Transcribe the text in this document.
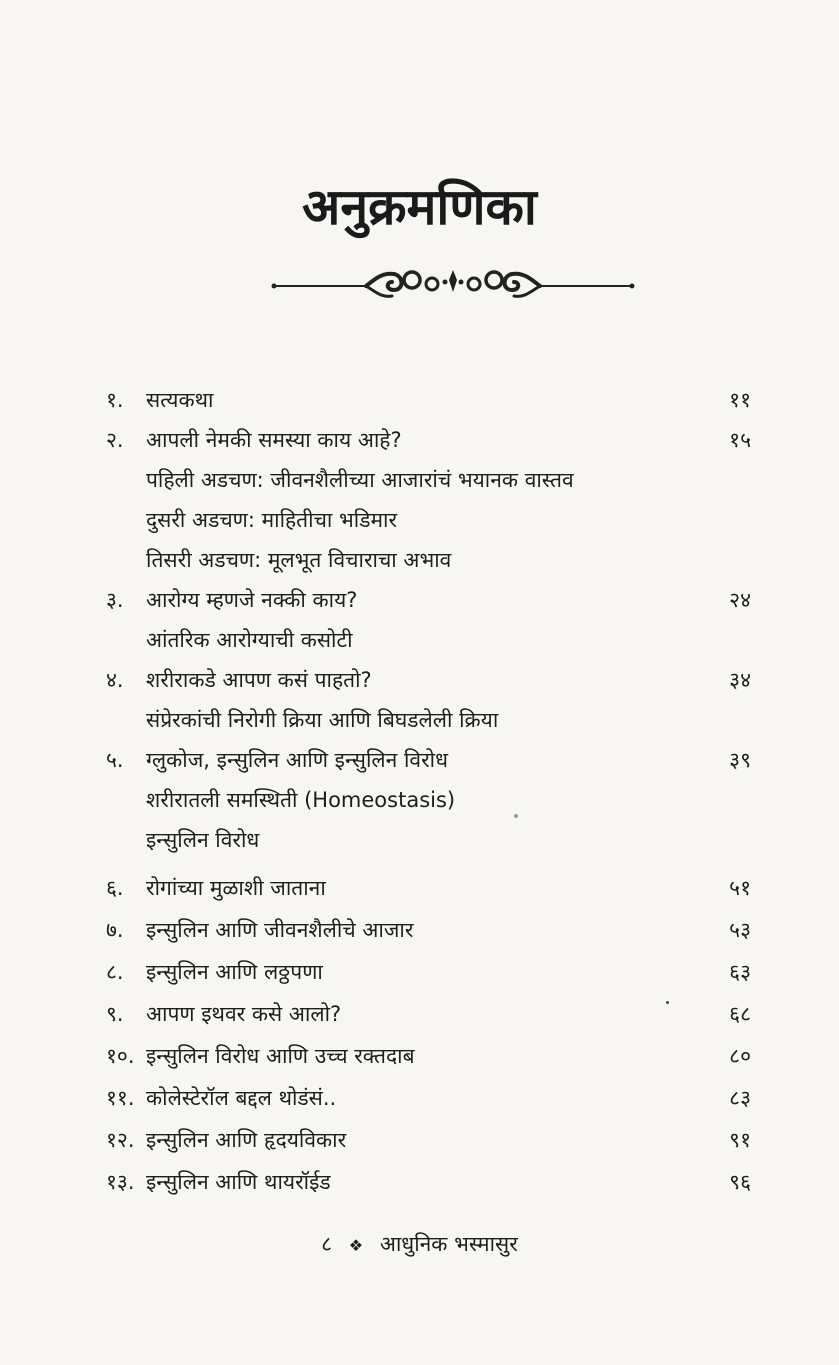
अनुक्रमणिका
१. सत्यकथा	११
२. आपली नेमकी समस्या काय आहे?	१५
पहिली अडचण: जीवनशैलीच्या आजारांचं भयानक वास्तव
दुसरी अडचण: माहितीचा भडिमार
तिसरी अडचण: मूलभूत विचाराचा अभाव
३. आरोग्य म्हणजे नक्की काय?	२४
आंतरिक आरोग्याची कसोटी
४. शरीराकडे आपण कसं पाहतो?	३४
संप्रेरकांची निरोगी क्रिया आणि बिघडलेली क्रिया
५. ग्लुकोज, इन्सुलिन आणि इन्सुलिन विरोध	३९
शरीरातली समस्थिती (Homeostasis)
इन्सुलिन विरोध
६. रोगांच्या मुळाशी जाताना	५१
७. इन्सुलिन आणि जीवनशैलीचे आजार	५३
८. इन्सुलिन आणि लठ्ठपणा	६३
९. आपण इथवर कसे आलो?	६८
१०. इन्सुलिन विरोध आणि उच्च रक्तदाब	८०
११. कोलेस्टेरॉल बद्दल थोडंसं..	८३
१२. इन्सुलिन आणि हृदयविकार	९१
१३. इन्सुलिन आणि थायरॉईड	९६
८ ❖ आधुनिक भस्मासुर
